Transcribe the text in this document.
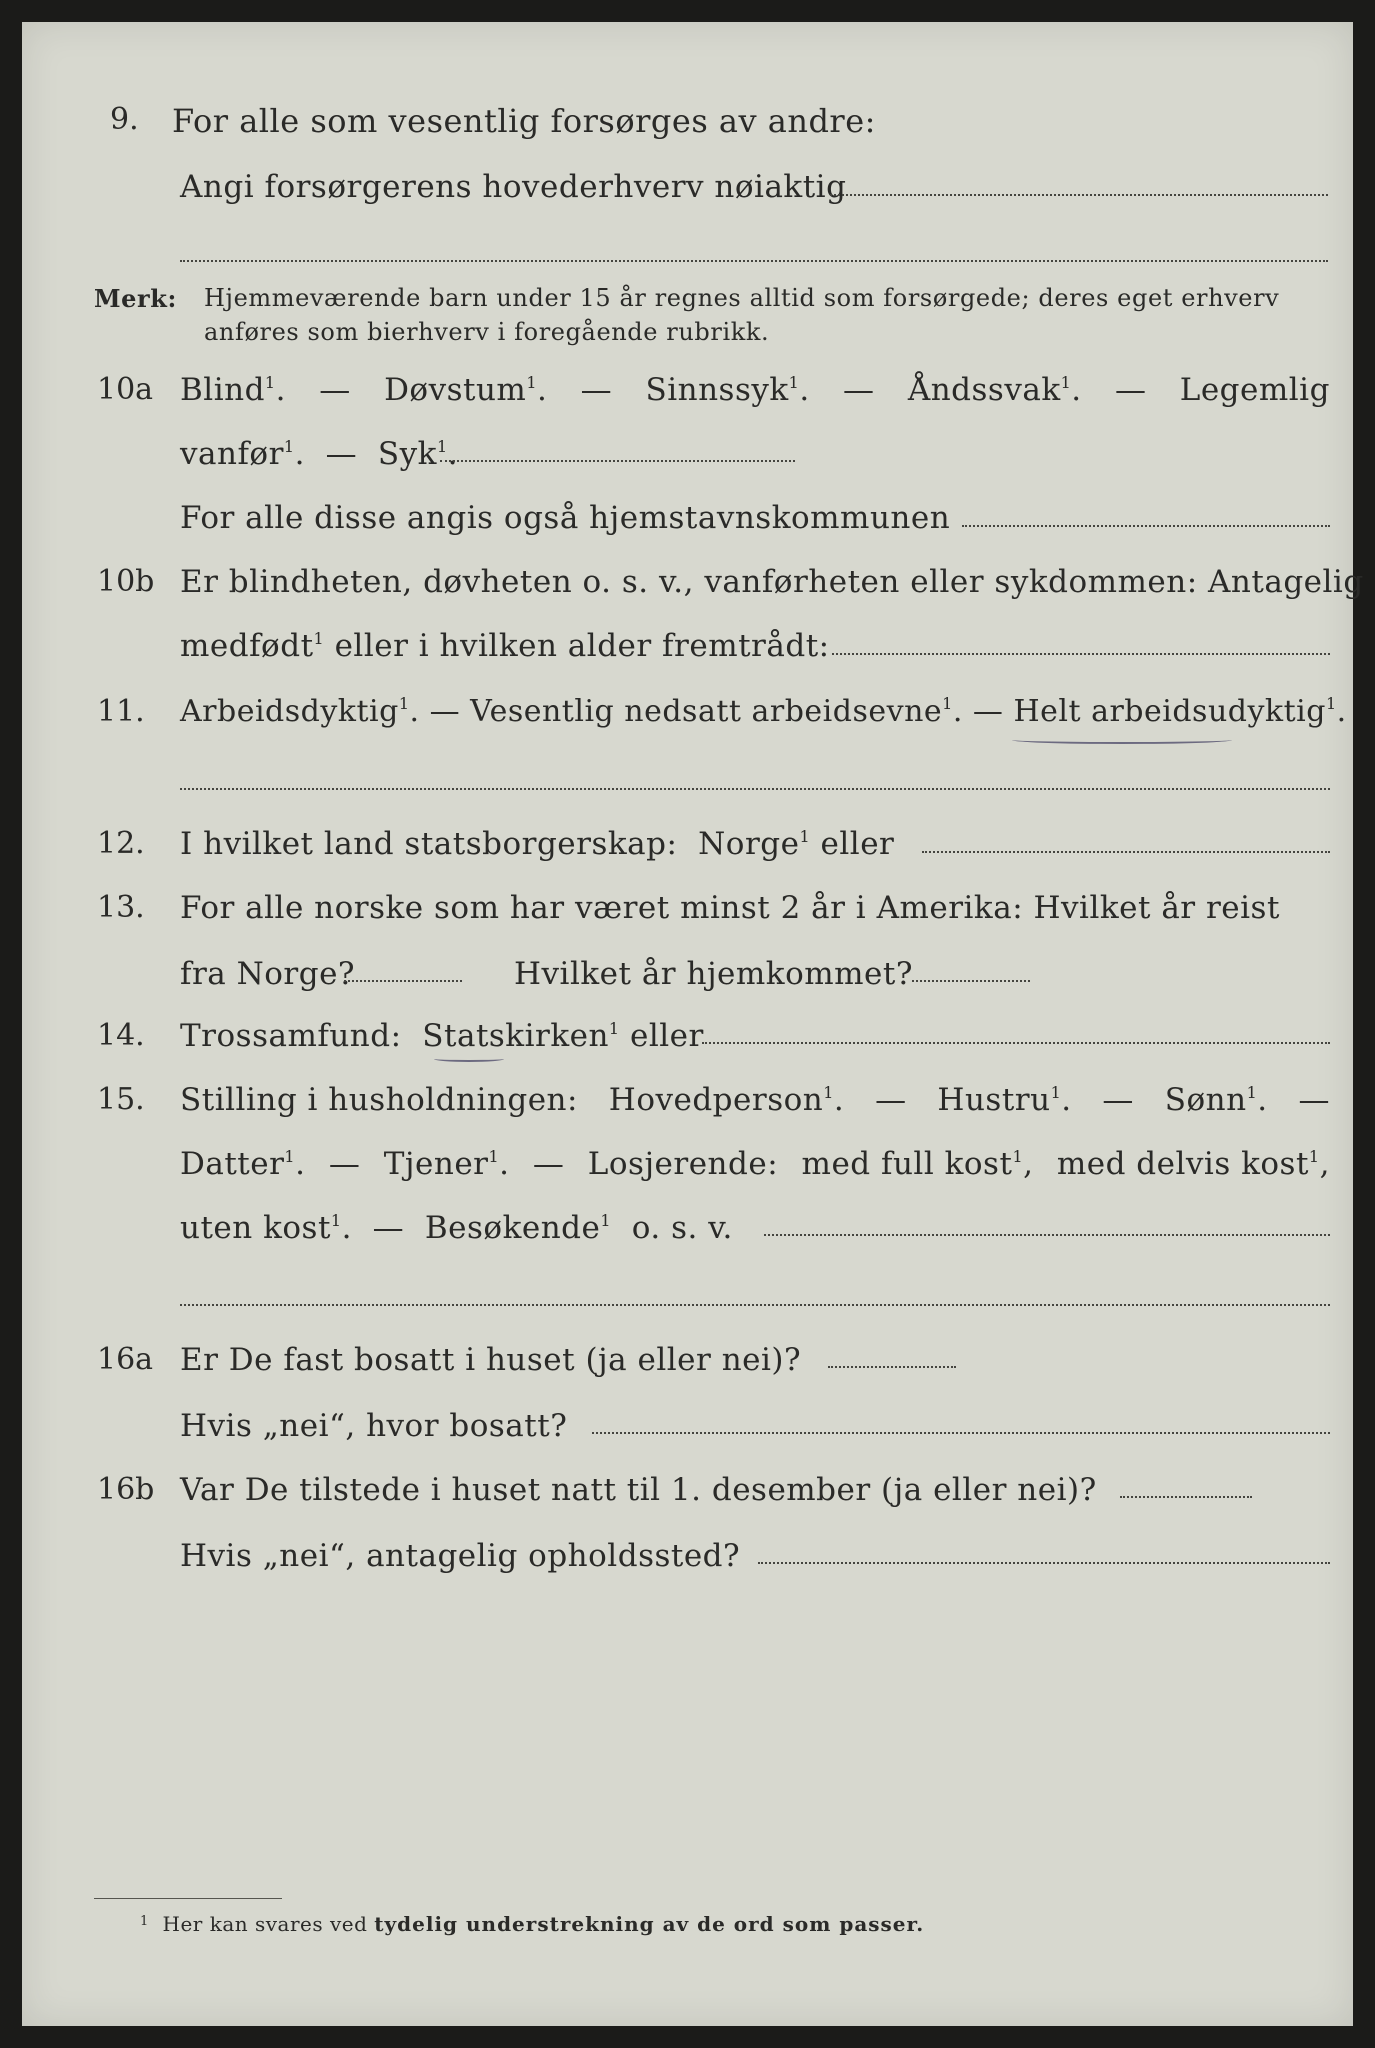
9. For alle som vesentlig forsørges av andre:
Angi forsørgerens hovederhverv nøiaktig
Merk: Hjemmeværende barn under 15 år regnes alltid som forsørgede; deres eget erhverv
anføres som bierhverv i foregående rubrikk.
10a Blind$^1$. — Døvstum$^1$. — Sinnssyk$^1$. — Åndssvak$^1$. — Legemlig
vanfør$^1$.  — Syk$^1$.
For alle disse angis også hjemstavnskommunen
10b Er blindheten, døvheten o. s. v., vanførheten eller sykdommen: Antagelig
medfødt$^1$ eller i hvilken alder fremtrådt:
11. Arbeidsdyktig$^1$. — Vesentlig nedsatt arbeidsevne$^1$. — Helt arbeidsudyktig$^1$.
12. I hvilket land statsborgerskap: Norge$^1$ eller
13. For alle norske som har været minst 2 år i Amerika: Hvilket år reist
fra Norge?	Hvilket år hjemkommet?
14. Trossamfund: Statskirken$^1$ eller
15. Stilling i husholdningen: Hovedperson$^1$. — Hustru$^1$. — Sønn$^1$. —
Datter$^1$. — Tjener$^1$. — Losjerende: med full kost$^1$, med delvis kost$^1$,
uten kost$^1$.  — Besøkende$^1$ o. s. v.
16a Er De fast bosatt i huset (ja eller nei)?
Hvis „nei“, hvor bosatt?
16b Var De tilstede i huset natt til 1. desember (ja eller nei)?
Hvis „nei“, antagelig opholdssted?
$^1$ Her kan svares ved tydelig understrekning av de ord som passer.
